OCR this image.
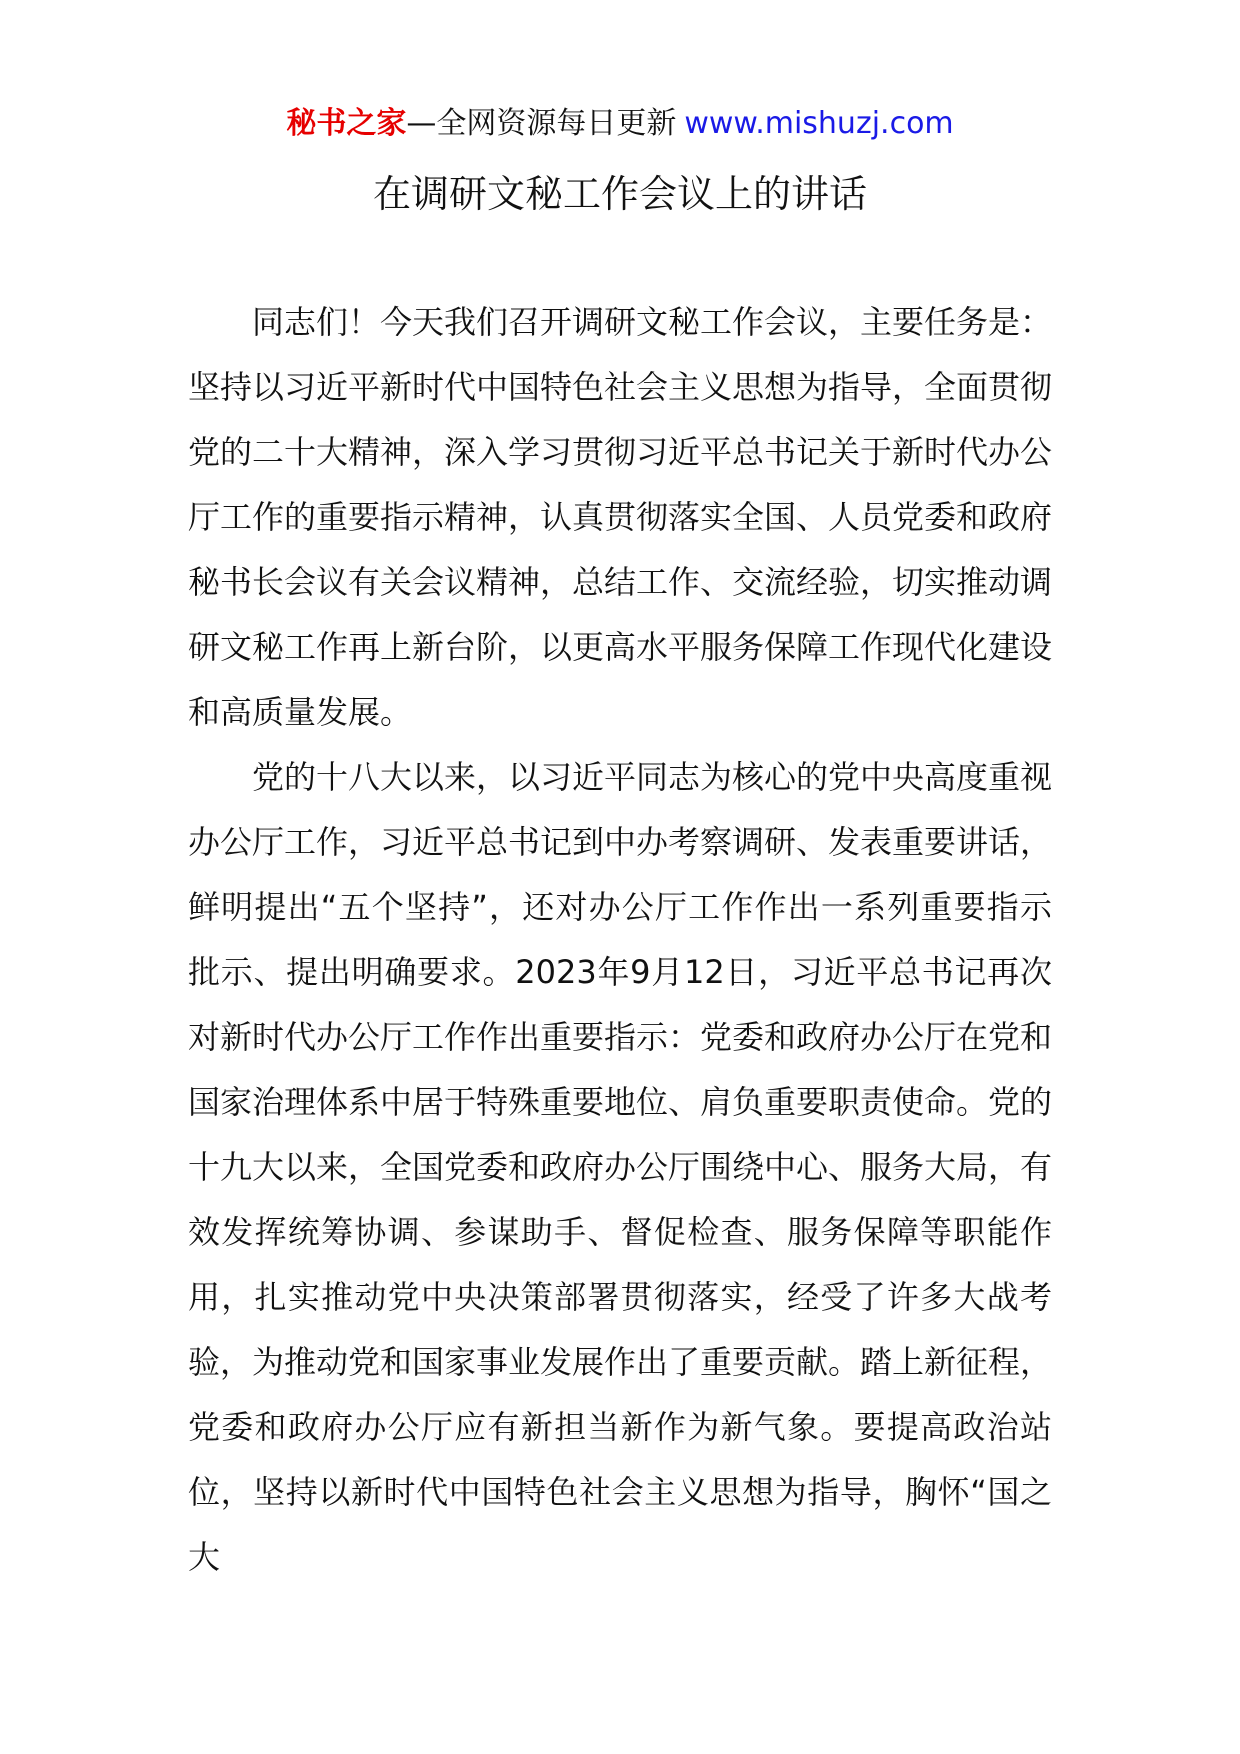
秘书之家—全网资源每日更新 www.mishuzj.com
在调研文秘工作会议上的讲话

同志们！今天我们召开调研文秘工作会议，主要任务是：坚持以习近平新时代中国特色社会主义思想为指导，全面贯彻党的二十大精神，深入学习贯彻习近平总书记关于新时代办公厅工作的重要指示精神，认真贯彻落实全国、人员党委和政府秘书长会议有关会议精神，总结工作、交流经验，切实推动调研文秘工作再上新台阶，以更高水平服务保障工作现代化建设和高质量发展。

党的十八大以来，以习近平同志为核心的党中央高度重视办公厅工作，习近平总书记到中办考察调研、发表重要讲话，鲜明提出“五个坚持”，还对办公厅工作作出一系列重要指示批示、提出明确要求。2023年9月12日，习近平总书记再次对新时代办公厅工作作出重要指示：党委和政府办公厅在党和国家治理体系中居于特殊重要地位、肩负重要职责使命。党的十九大以来，全国党委和政府办公厅围绕中心、服务大局，有效发挥统筹协调、参谋助手、督促检查、服务保障等职能作用，扎实推动党中央决策部署贯彻落实，经受了许多大战考验，为推动党和国家事业发展作出了重要贡献。踏上新征程，党委和政府办公厅应有新担当新作为新气象。要提高政治站位，坚持以新时代中国特色社会主义思想为指导，胸怀“国之大
